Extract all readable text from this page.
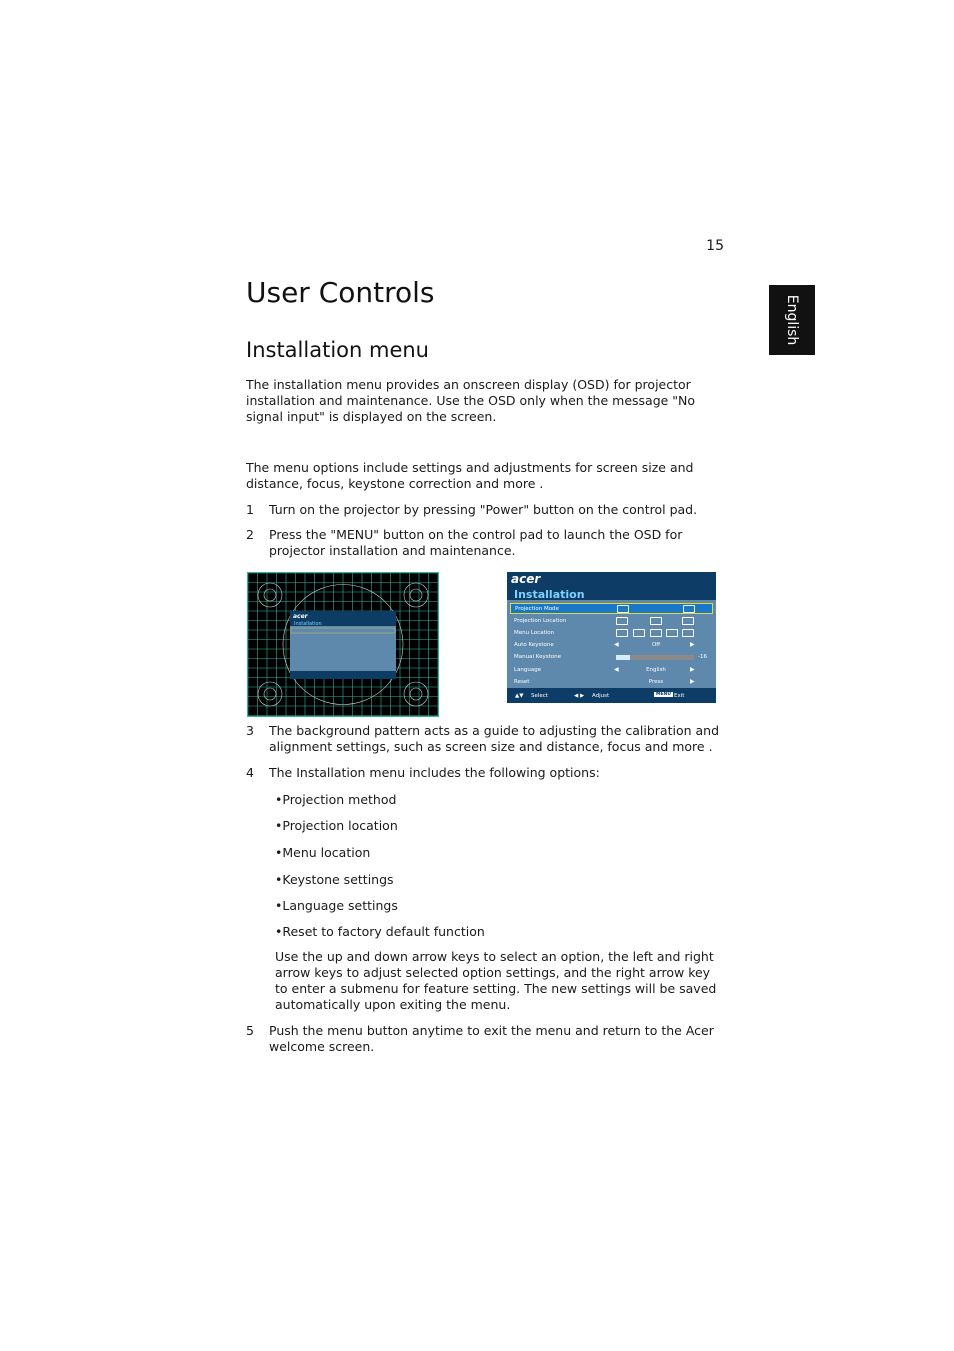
15
English
User Controls
Installation menu

The installation menu provides an onscreen display (OSD) for projector installation and maintenance. Use the OSD only when the message "No signal input" is displayed on the screen.

The menu options include settings and adjustments for screen size and distance, focus, keystone correction and more .

1 Turn on the projector by pressing "Power" button on the control pad.
2 Press the "MENU" button on the control pad to launch the OSD for projector installation and maintenance.
acer
Installation
acer
Installation
Projection Mode
Projection Location
Menu Location
Auto Keystone	◀	Off	▶
Manual Keystone	-16
Language	◀	English	▶
Reset	Press	▶
▲▼ Select	◀ ▶ Adjust	MENU Exit
3 The background pattern acts as a guide to adjusting the calibration and alignment settings, such as screen size and distance, focus and more .
4 The Installation menu includes the following options:
•Projection method
•Projection location
•Menu location
•Keystone settings
•Language settings
•Reset to factory default function

Use the up and down arrow keys to select an option, the left and right arrow keys to adjust selected option settings, and the right arrow key to enter a submenu for feature setting. The new settings will be saved automatically upon exiting the menu.

5 Push the menu button anytime to exit the menu and return to the Acer welcome screen.
